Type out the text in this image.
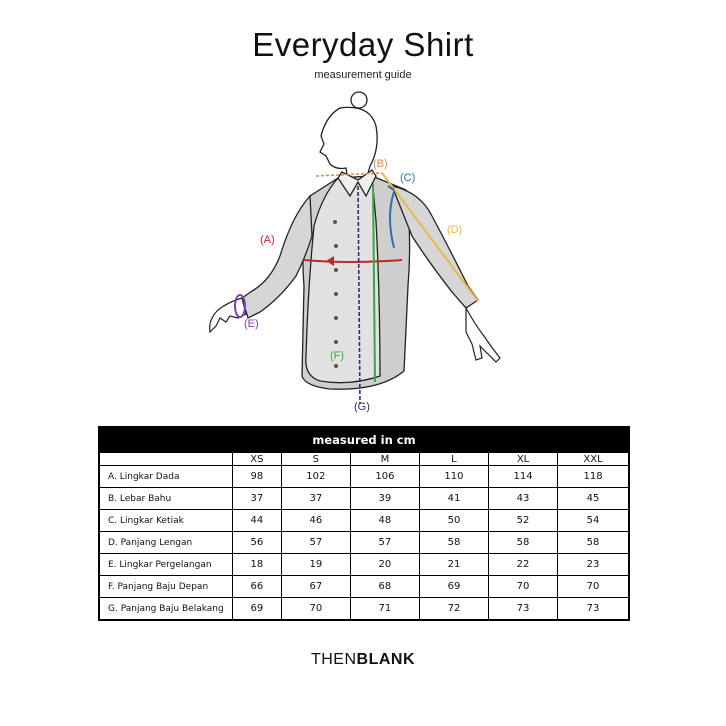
Everyday Shirt
measurement guide
(B)
(C)
(D)
(A)
(E)
(F)
(G)
measured in cm						
	XS	S	M	L	XL	XXL
A. Lingkar Dada	98	102	106	110	114	118
B. Lebar Bahu	37	37	39	41	43	45
C. Lingkar Ketiak	44	46	48	50	52	54
D. Panjang Lengan	56	57	57	58	58	58
E. Lingkar Pergelangan	18	19	20	21	22	23
F. Panjang Baju Depan	66	67	68	69	70	70
G. Panjang Baju Belakang	69	70	71	72	73	73
THENBLANK
